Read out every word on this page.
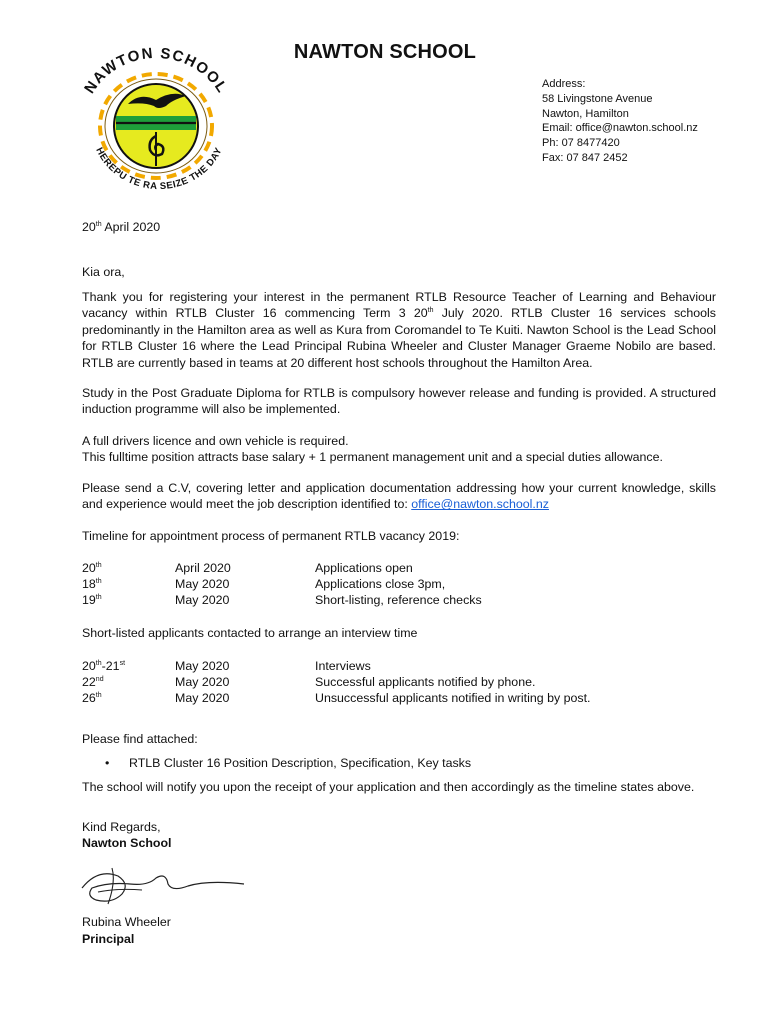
NAWTON SCHOOL
HEREPU TE RA SEIZE THE DAY
NAWTON SCHOOL
Address:
58 Livingstone Avenue
Nawton, Hamilton
Email: office@nawton.school.nz
Ph: 07 8477420
Fax: 07 847 2452

20th April 2020

Kia ora,

Thank you for registering your interest in the permanent RTLB Resource Teacher of Learning and Behaviour vacancy within RTLB Cluster 16 commencing Term 3 20th July 2020. RTLB Cluster 16 services schools predominantly in the Hamilton area as well as Kura from Coromandel to Te Kuiti. Nawton School is the Lead School for RTLB Cluster 16 where the Lead Principal Rubina Wheeler and Cluster Manager Graeme Nobilo are based. RTLB are currently based in teams at 20 different host schools throughout the Hamilton Area.

Study in the Post Graduate Diploma for RTLB is compulsory however release and funding is provided. A structured induction programme will also be implemented.

A full drivers licence and own vehicle is required.
This fulltime position attracts base salary + 1 permanent management unit and a special duties allowance.

Please send a C.V, covering letter and application documentation addressing how your current knowledge, skills and experience would meet the job description identified to: office@nawton.school.nz

Timeline for appointment process of permanent RTLB vacancy 2019:

20th	April 2020	Applications open
18th	May 2020	Applications close 3pm,
19th	May 2020	Short-listing, reference checks

Short-listed applicants contacted to arrange an interview time

20th-21st	May 2020	Interviews
22nd	May 2020	Successful applicants notified by phone.
26th	May 2020	Unsuccessful applicants notified in writing by post.

Please find attached:

• RTLB Cluster 16 Position Description, Specification, Key tasks

The school will notify you upon the receipt of your application and then accordingly as the timeline states above.

Kind Regards,

Nawton School

Rubina Wheeler

Principal
